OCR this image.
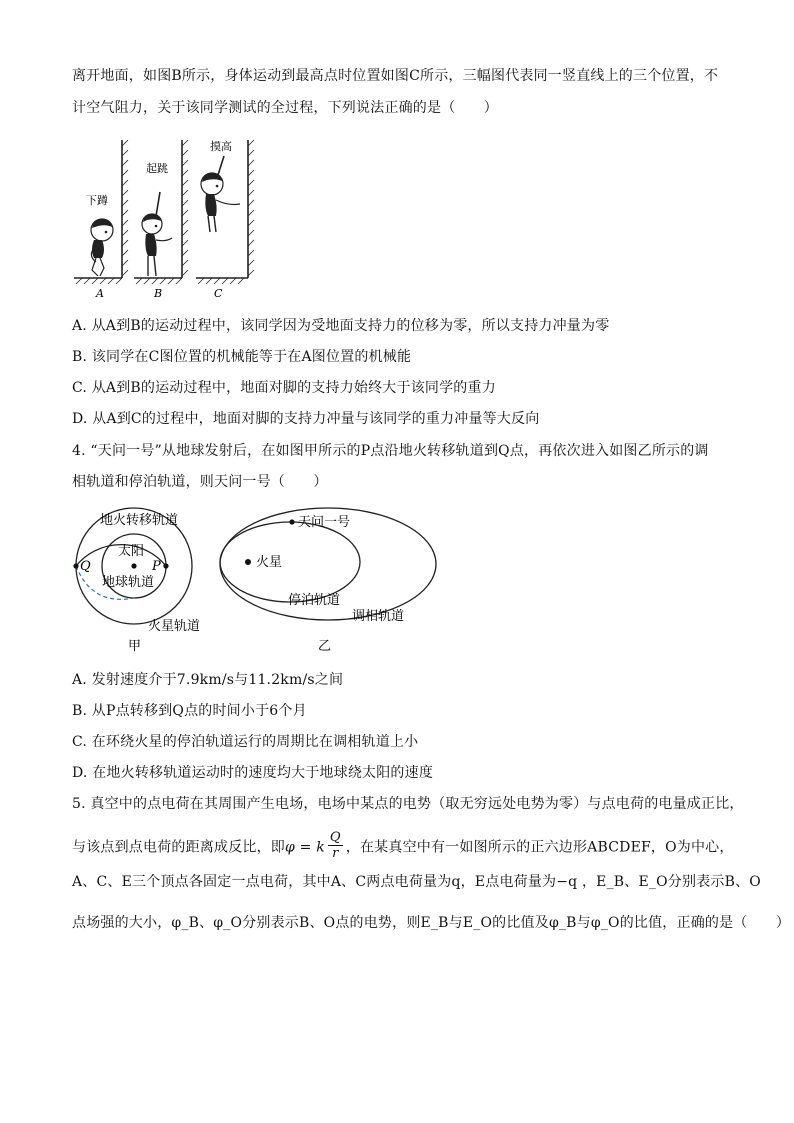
离开地面，如图B所示，身体运动到最高点时位置如图C所示，三幅图代表同一竖直线上的三个位置，不
计空气阻力，关于该同学测试的全过程，下列说法正确的是（　　）
下蹲
A
起跳
B
摸高
C
A. 从A到B的运动过程中，该同学因为受地面支持力的位移为零，所以支持力冲量为零
B. 该同学在C图位置的机械能等于在A图位置的机械能
C. 从A到B的运动过程中，地面对脚的支持力始终大于该同学的重力
D. 从A到C的过程中，地面对脚的支持力冲量与该同学的重力冲量等大反向
4. “天问一号”从地球发射后，在如图甲所示的P点沿地火转移轨道到Q点，再依次进入如图乙所示的调
相轨道和停泊轨道，则天问一号（　　）
地火转移轨道
太阳
Q	P
地球轨道
火星轨道
甲
天问一号
火星
停泊轨道
调相轨道
乙
A. 发射速度介于7.9km/s与11.2km/s之间
B. 从P点转移到Q点的时间小于6个月
C. 在环绕火星的停泊轨道运行的周期比在调相轨道上小
D. 在地火转移轨道运动时的速度均大于地球绕太阳的速度
5. 真空中的点电荷在其周围产生电场，电场中某点的电势（取无穷远处电势为零）与点电荷的电量成正比，
与该点到点电荷的距离成反比，即φ = k $\frac{Q}{r}$ ，在某真空中有一如图所示的正六边形ABCDEF，O为中心，
A、C、E三个顶点各固定一点电荷，其中A、C两点电荷量为q，E点电荷量为−q ，E_B、E_O分别表示B、O
点场强的大小，φ_B、φ_O分别表示B、O点的电势，则E_B与E_O的比值及φ_B与φ_O的比值，正确的是（　　）
